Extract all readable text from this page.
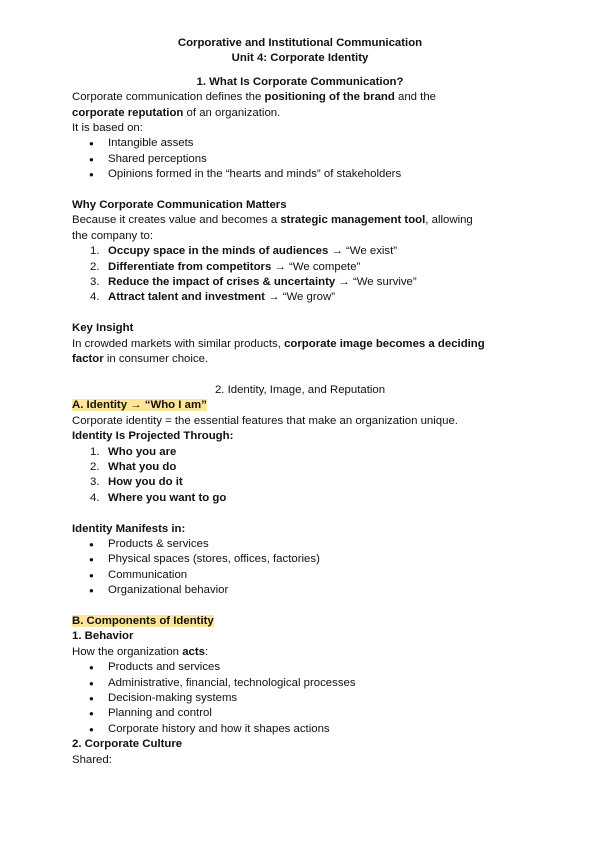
Corporative and Institutional Communication

Unit 4: Corporate Identity

1. What Is Corporate Communication?

Corporate communication defines the positioning of the brand and the

corporate reputation of an organization.

It is based on:

● Intangible assets
● Shared perceptions
● Opinions formed in the “hearts and minds” of stakeholders

Why Corporate Communication Matters

Because it creates value and becomes a strategic management tool, allowing

the company to:

1. Occupy space in the minds of audiences → “We exist”
2. Differentiate from competitors → “We compete”
3. Reduce the impact of crises & uncertainty → “We survive”
4. Attract talent and investment → “We grow”

Key Insight

In crowded markets with similar products, corporate image becomes a deciding

factor in consumer choice.

2. Identity, Image, and Reputation

A. Identity → “Who I am”

Corporate identity = the essential features that make an organization unique.

Identity Is Projected Through:

1. Who you are
2. What you do
3. How you do it
4. Where you want to go

Identity Manifests in:

● Products & services
● Physical spaces (stores, offices, factories)
● Communication
● Organizational behavior

B. Components of Identity

1. Behavior

How the organization acts:

● Products and services
● Administrative, financial, technological processes
● Decision-making systems
● Planning and control
● Corporate history and how it shapes actions

2. Corporate Culture

Shared:
